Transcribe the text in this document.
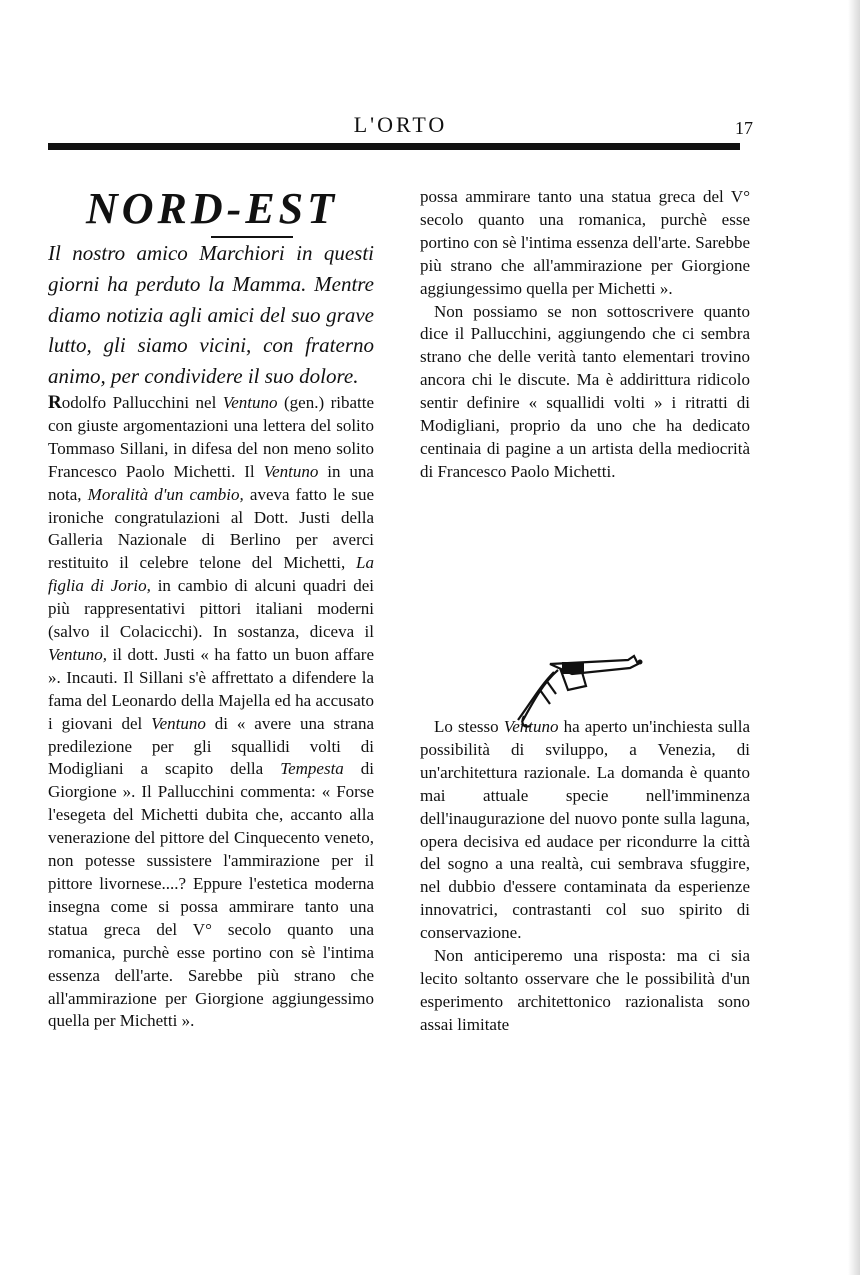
L'ORTO	17
NORD-EST

Il nostro amico Marchiori in questi giorni ha perduto la Mamma. Mentre diamo notizia agli amici del suo grave lutto, gli siamo vicini, con fraterno animo, per condividere il suo dolore.

Rodolfo Pallucchini nel Ventuno (gen.) ribatte con giuste argomentazioni una lettera del solito Tommaso Sillani, in difesa del non meno solito Francesco Paolo Michetti. Il Ventuno in una nota, Moralità d'un cambio, aveva fatto le sue ironiche congratulazioni al Dott. Justi della Galleria Nazionale di Berlino per averci restituito il celebre telone del Michetti, La figlia di Jorio, in cambio di alcuni quadri dei più rappresentativi pittori italiani moderni (salvo il Colacicchi). In sostanza, diceva il Ventuno, il dott. Justi « ha fatto un buon affare ». Incauti. Il Sillani s'è affrettato a difendere la fama del Leonardo della Majella ed ha accusato i giovani del Ventuno di « avere una strana predilezione per gli squallidi volti di Modigliani a scapito della Tempesta di Giorgione ». Il Pallucchini commenta: « Forse l'esegeta del Michetti dubita che, accanto alla venerazione del pittore del Cinquecento veneto, non potesse sussistere l'ammirazione per il pittore livornese....? Eppure l'estetica moderna insegna come si possa ammirare tanto una statua greca del V° secolo quanto una romanica, purchè esse portino con sè l'intima essenza dell'arte. Sarebbe più strano che all'ammirazione per Giorgione aggiungessimo quella per Michetti ».

Lo stesso Ventuno ha aperto un'inchiesta sulla possibilità di sviluppo, a Venezia, di un'architettura razionale. La domanda è quanto mai attuale specie nell'imminenza dell'inaugurazione del nuovo ponte sulla laguna, opera decisiva ed audace per ricondurre la città del sogno a una realtà, cui sembrava sfuggire, nel dubbio d'essere contaminata da esperienze innovatrici, contrastanti col suo spirito di conservazione.

Non anticiperemo una risposta: ma ci sia lecito soltanto osservare che le possibilità d'un esperimento architettonico razionalista sono assai limitate

possa ammirare tanto una statua greca del V° secolo quanto una romanica, purchè esse portino con sè l'intima essenza dell'arte. Sarebbe più strano che all'ammirazione per Giorgione aggiungessimo quella per Michetti ».

Non possiamo se non sottoscrivere quanto dice il Pallucchini, aggiungendo che ci sembra strano che delle verità tanto elementari trovino ancora chi le discute. Ma è addirittura ridicolo sentir definire « squallidi volti » i ritratti di Modigliani, proprio da uno che ha dedicato centinaia di pagine a un artista della mediocrità di Francesco Paolo Michetti.
